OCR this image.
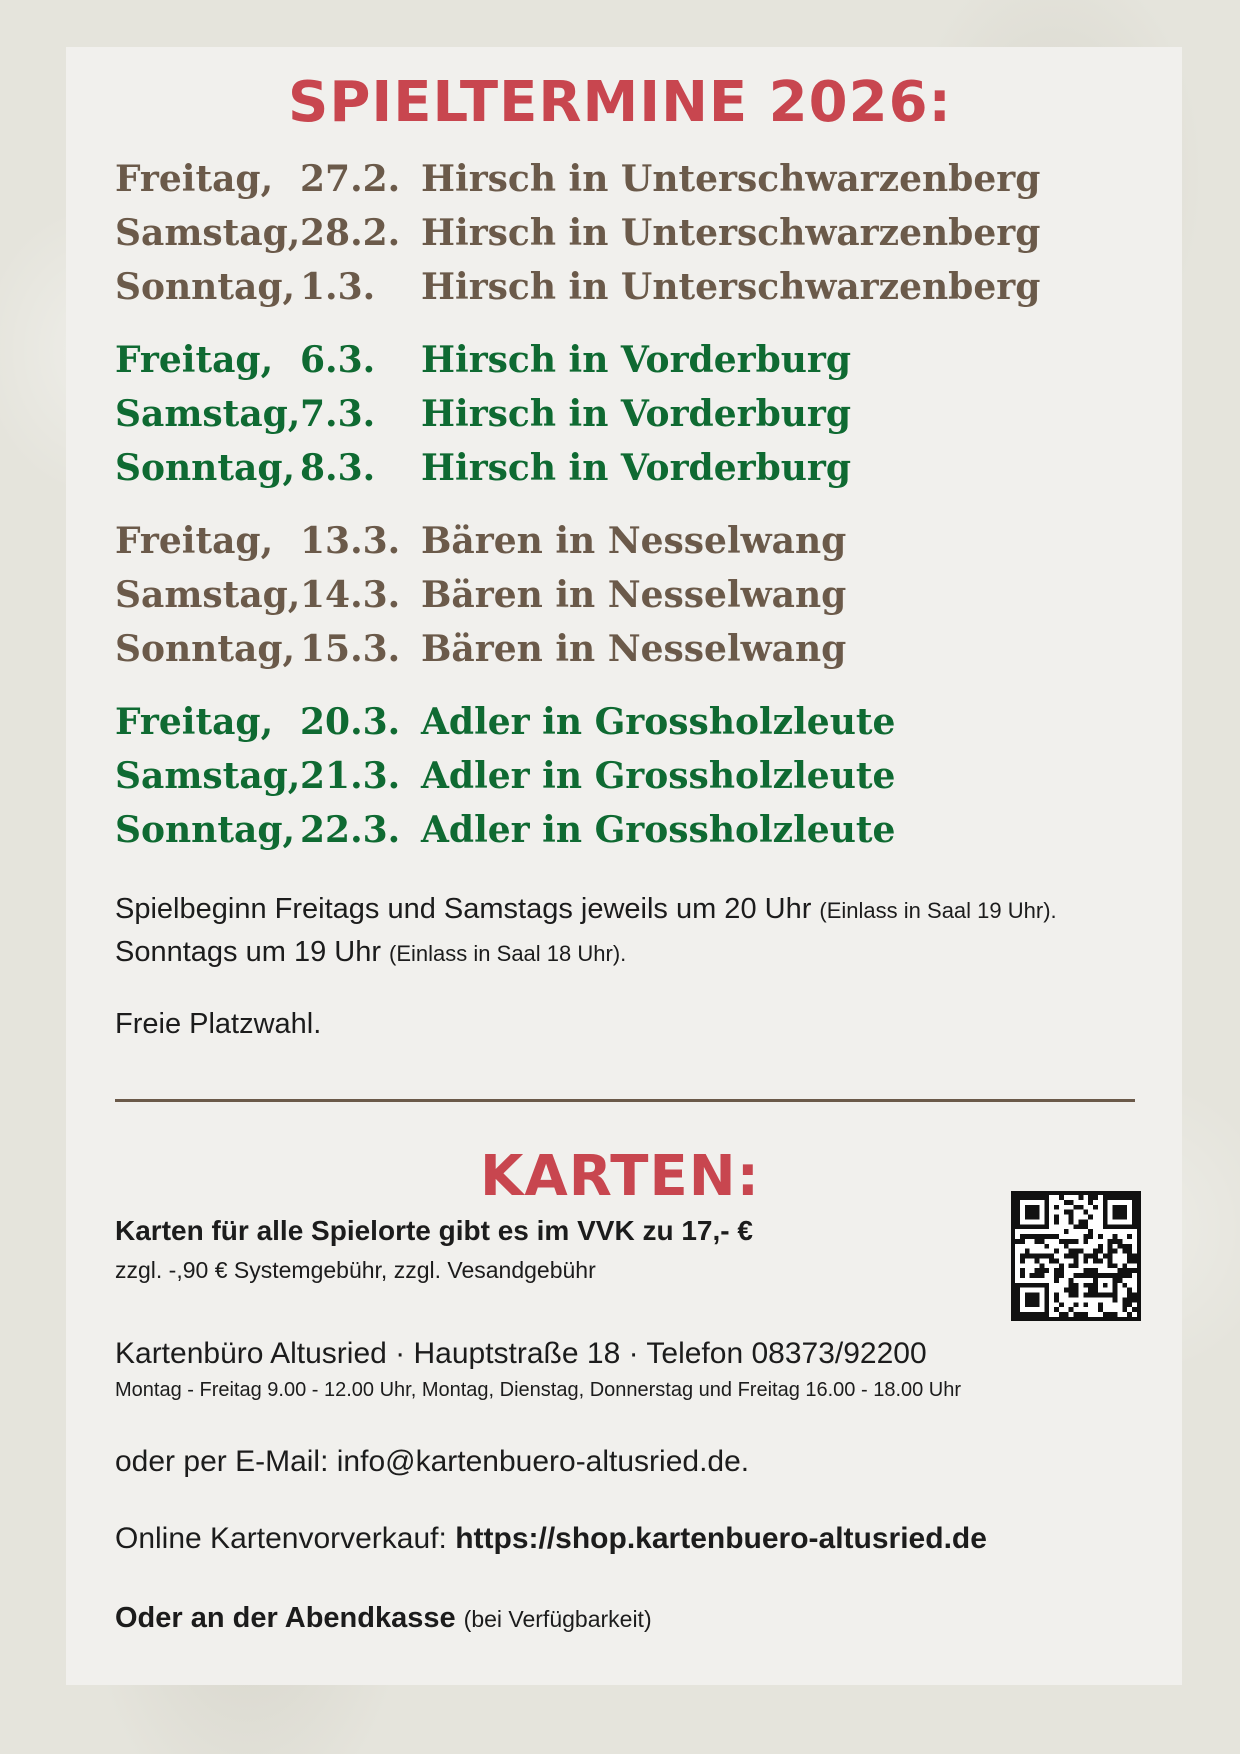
SPIELTERMINE 2026:
Freitag, 27.2. Hirsch in Unterschwarzenberg
Samstag,28.2. Hirsch in Unterschwarzenberg
Sonntag, 1.3. Hirsch in Unterschwarzenberg
Freitag, 6.3. Hirsch in Vorderburg
Samstag,7.3. Hirsch in Vorderburg
Sonntag, 8.3. Hirsch in Vorderburg
Freitag, 13.3. Bären in Nesselwang
Samstag,14.3. Bären in Nesselwang
Sonntag, 15.3. Bären in Nesselwang
Freitag, 20.3. Adler in Grossholzleute
Samstag,21.3. Adler in Grossholzleute
Sonntag, 22.3. Adler in Grossholzleute
Spielbeginn Freitags und Samstags jeweils um 20 Uhr (Einlass in Saal 19 Uhr).
Sonntags um 19 Uhr (Einlass in Saal 18 Uhr).
Freie Platzwahl.
KARTEN:
Karten für alle Spielorte gibt es im VVK zu 17,- €
zzgl. -,90 € Systemgebühr, zzgl. Vesandgebühr
Kartenbüro Altusried · Hauptstraße 18 · Telefon 08373/92200
Montag - Freitag 9.00 - 12.00 Uhr, Montag, Dienstag, Donnerstag und Freitag 16.00 - 18.00 Uhr
oder per E-Mail: info@kartenbuero-altusried.de.
Online Kartenvorverkauf: https://shop.kartenbuero-altusried.de
Oder an der Abendkasse (bei Verfügbarkeit)
